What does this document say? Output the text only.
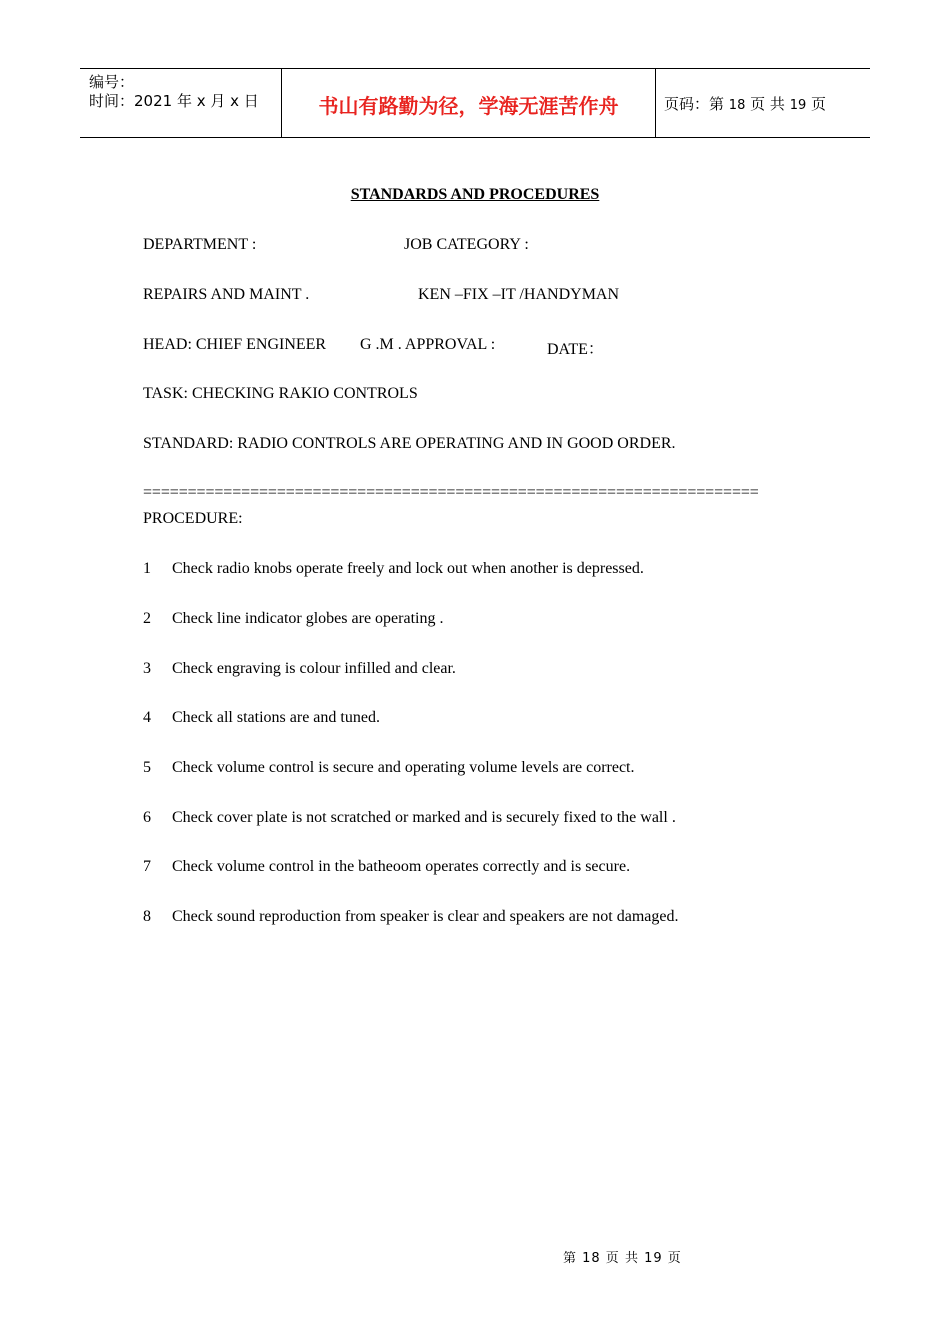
编号：
时间：2021 年 x 月 x 日	书山有路勤为径，学海无涯苦作舟	页码：第 18 页 共 19 页
STANDARDS AND PROCEDURES
DEPARTMENT :	JOB CATEGORY :
REPAIRS AND MAINT .	KEN –FIX –IT /HANDYMAN
HEAD: CHIEF ENGINEER G .M . APPROVAL :	DATE：
TASK: CHECKING RAKIO CONTROLS
STANDARD: RADIO CONTROLS ARE OPERATING AND IN GOOD ORDER.
=====================================================================
PROCEDURE:
1 Check radio knobs operate freely and lock out when another is depressed.
2 Check line indicator globes are operating .
3 Check engraving is colour infilled and clear.
4 Check all stations are and tuned.
5 Check volume control is secure and operating volume levels are correct.
6 Check cover plate is not scratched or marked and is securely fixed to the wall .
7 Check volume control in the batheoom operates correctly and is secure.
8 Check sound reproduction from speaker is clear and speakers are not damaged.
第 18 页 共 19 页
